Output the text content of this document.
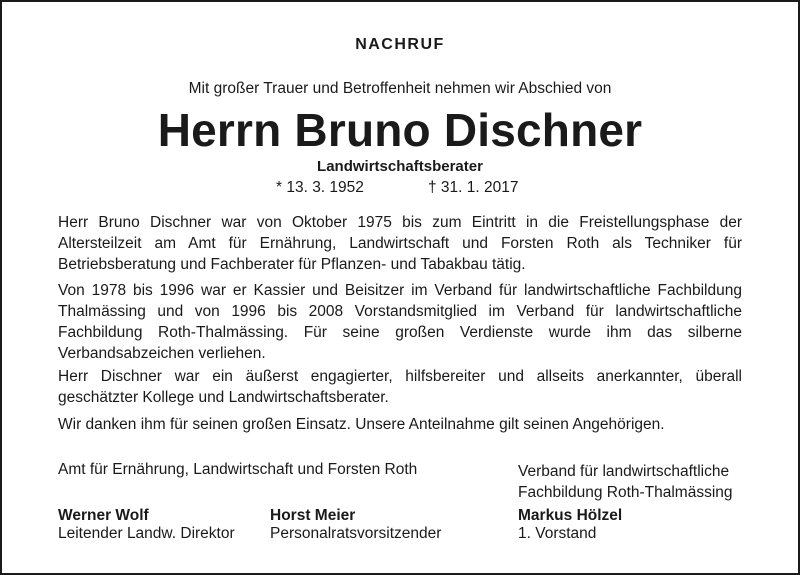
NACHRUF
Mit großer Trauer und Betroffenheit nehmen wir Abschied von
Herrn Bruno Dischner
Landwirtschaftsberater
* 13. 3. 1952	† 31. 1. 2017

Herr Bruno Dischner war von Oktober 1975 bis zum Eintritt in die Freistellungsphase der Altersteilzeit am Amt für Ernährung, Landwirtschaft und Forsten Roth als Techniker für Betriebsberatung und Fachberater für Pflanzen- und Tabakbau tätig.

Von 1978 bis 1996 war er Kassier und Beisitzer im Verband für landwirtschaftliche Fachbildung Thalmässing und von 1996 bis 2008 Vorstandsmitglied im Verband für landwirtschaftliche Fachbildung Roth-Thalmässing. Für seine großen Verdienste wurde ihm das silberne Verbandsabzeichen verliehen.

Herr Dischner war ein äußerst engagierter, hilfsbereiter und allseits anerkannter, überall geschätzter Kollege und Landwirtschaftsberater.

Wir danken ihm für seinen großen Einsatz. Unsere Anteilnahme gilt seinen Angehörigen.

Amt für Ernährung, Landwirtschaft und Forsten Roth	Verband für landwirtschaftliche
Fachbildung Roth-Thalmässing
Werner Wolf
Leitender Landw. Direktor
Horst Meier
Personalratsvorsitzender
Markus Hölzel
1. Vorstand
